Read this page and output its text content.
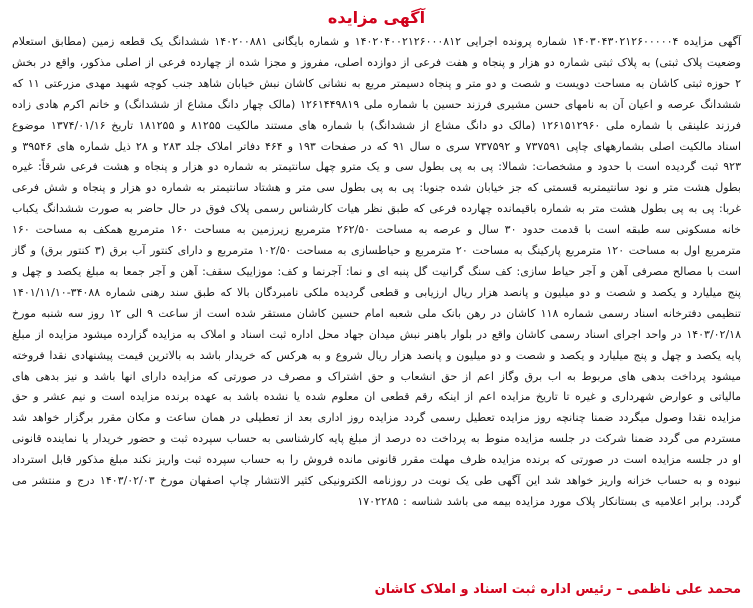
آگهی مزایده

آگهی مزایده ۱۴۰۳۰۴۳۰۲۱۲۶۰۰۰۰۰۴ شماره پرونده اجرایی ۱۴۰۲۰۴۰۰۲۱۲۶۰۰۰۸۱۲ و شماره بایگانی ۱۴۰۲۰۰۸۸۱ ششدانگ یک قطعه زمین (مطابق استعلام وضعیت پلاک ثبتی) به پلاک ثبتی شماره دو هزار و پنجاه و هفت فرعی از دوازده اصلی، مفروز و مجزا شده از چهارده فرعی از اصلی مذکور، واقع در بخش ۲ حوزه ثبتی کاشان به مساحت دویست و شصت و دو متر و پنجاه دسیمتر مربع به نشانی کاشان نبش خیابان شاهد جنب کوچه شهید مهدی مزرعتی ۱۱ که ششدانگ عرصه و اعیان آن به نامهای حسن مشیری فرزند حسین با شماره ملی ۱۲۶۱۴۴۹۸۱۹ (مالک چهار دانگ مشاع از ششدانگ) و خانم اکرم هادی زاده فرزند علینقی با شماره ملی ۱۲۶۱۵۱۲۹۶۰ (مالک دو دانگ مشاع از ششدانگ) با شماره های مستند مالکیت ۸۱۲۵۵ و ۱۸۱۲۵۵ تاریخ ۱۳۷۴/۰۱/۱۶ موضوع اسناد مالکیت اصلی بشمارههای چاپی ۷۳۷۵۹۱ و ۷۳۷۵۹۲ سری ه سال ۹۱ که در صفحات ۱۹۳ و ۴۶۴ دفاتر املاک جلد ۲۸۳ و ۲۸ ذیل شماره های ۳۹۵۴۶ و ۹۲۳ ثبت گردیده است با حدود و مشخصات: شمالا: پی به پی بطول سی و یک مترو چهل سانتیمتر به شماره دو هزار و پنجاه و هشت فرعی شرقاً: غیره بطول هشت متر و نود سانتیمتربه قسمتی که جز خیابان شده جنوبا: پی به پی بطول سی متر و هشتاد سانتیمتر به شماره دو هزار و پنجاه و شش فرعی غربا: پی به پی بطول هشت متر به شماره باقیمانده چهارده فرعی که طبق نظر هیات کارشناس رسمی پلاک فوق در حال حاضر به صورت ششدانگ یکباب خانه مسکونی سه طبقه است با قدمت حدود ۳۰ سال و عرصه به مساحت ۲۶۲/۵۰ مترمربع زیرزمین به مساحت ۱۶۰ مترمربع همکف به مساحت ۱۶۰ مترمربع اول به مساحت ۱۲۰ مترمربع پارکینگ به مساحت ۲۰ مترمربع و حیاطسازی به مساحت ۱۰۲/۵۰ مترمربع و دارای کنتور آب برق (۳ کنتور برق) و گاز است با مصالح مصرفی آهن و آجر حیاط سازی: کف سنگ گرانیت گل پنبه ای و نما: آجرنما و کف: موزاییک سقف: آهن و آجر جمعا به مبلغ یکصد و چهل و پنج میلیارد و یکصد و شصت و دو میلیون و پانصد هزار ریال ارزیابی و قطعی گردیده ملکی نامبردگان بالا که طبق سند رهنی شماره ۳۴۰۸۸-۱۴۰۱/۱۱/۱۰ تنظیمی دفترخانه اسناد رسمی شماره ۱۱۸ کاشان در رهن بانک ملی شعبه امام حسین کاشان مستقر شده است از ساعت ۹ الی ۱۲ روز سه شنبه مورخ ۱۴۰۳/۰۲/۱۸ در واحد اجرای اسناد رسمی کاشان واقع در بلوار باهنر نبش میدان جهاد محل اداره ثبت اسناد و املاک به مزایده گزارده میشود مزایده از مبلغ پایه یکصد و چهل و پنج میلیارد و یکصد و شصت و دو میلیون و پانصد هزار ریال شروع و به هرکس که خریدار باشد به بالاترین قیمت پیشنهادی نقدا فروخته میشود پرداخت بدهی های مربوط به اب برق وگاز اعم از حق انشعاب و حق اشتراک و مصرف در صورتی که مزایده دارای انها باشد و نیز بدهی های مالیاتی و عوارض شهرداری و غیره تا تاریخ مزایده اعم از اینکه رقم قطعی ان معلوم شده یا نشده باشد به عهده برنده مزایده است و نیم عشر و حق مزایده نقدا وصول میگردد ضمنا چنانچه روز مزایده تعطیل رسمی گردد مزایده روز اداری بعد از تعطیلی در همان ساعت و مکان مقرر برگزار خواهد شد مستردم می گردد ضمنا شرکت در جلسه مزایده منوط به پرداخت ده درصد از مبلغ پایه کارشناسی به حساب سپرده ثبت و حضور خریدار یا نماینده قانونی او در جلسه مزایده است در صورتی که برنده مزایده ظرف مهلت مقرر قانونی مانده فروش را به حساب سپرده ثبت واریز نکند مبلغ مذکور قابل استرداد نبوده و به حساب خزانه واریز خواهد شد این آگهی طی یک نوبت در روزنامه الکترونیکی کثیر الانتشار چاپ اصفهان مورخ ۱۴۰۳/۰۲/۰۳ درج و منتشر می گردد. برابر اعلامیه ی بستانکار پلاک مورد مزایده بیمه می باشد شناسه : ۱۷۰۲۲۸۵

محمد علی ناظمی – رئیس اداره ثبت اسناد و املاک کاشان
